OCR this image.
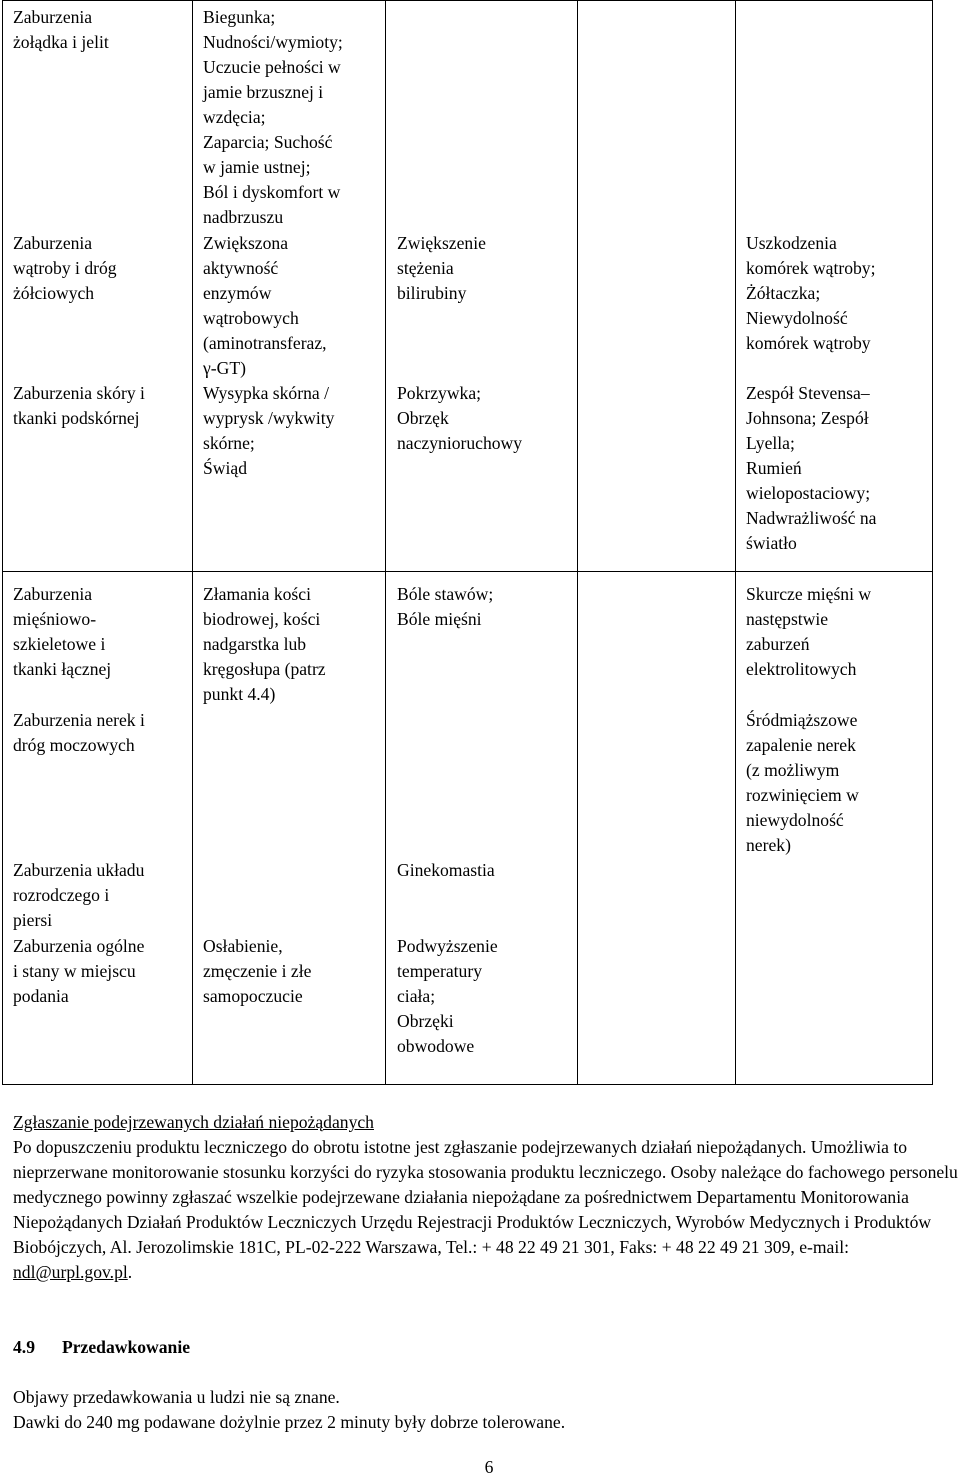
Zaburzenia
żołądka i jelit
Biegunka;
Nudności/wymioty;
Uczucie pełności w
jamie brzusznej i
wzdęcia;
Zaparcia; Suchość
w jamie ustnej;
Ból i dyskomfort w
nadbrzuszu
Zaburzenia
wątroby i dróg
żółciowych
Zwiększona
aktywność
enzymów
wątrobowych
(aminotransferaz,
γ-GT)
Zwiększenie
stężenia
bilirubiny
Uszkodzenia
komórek wątroby;
Żółtaczka;
Niewydolność
komórek wątroby
Zaburzenia skóry i
tkanki podskórnej
Wysypka skórna /
wyprysk /wykwity
skórne;
Świąd
Pokrzywka;
Obrzęk
naczynioruchowy
Zespół Stevensa–
Johnsona; Zespół
Lyella;
Rumień
wielopostaciowy;
Nadwrażliwość na
światło
Zaburzenia
mięśniowo-
szkieletowe i
tkanki łącznej
Złamania kości
biodrowej, kości
nadgarstka lub
kręgosłupa (patrz
punkt 4.4)
Bóle stawów;
Bóle mięśni
Skurcze mięśni w
następstwie
zaburzeń
elektrolitowych
Zaburzenia nerek i
dróg moczowych
Śródmiąższowe
zapalenie nerek
(z możliwym
rozwinięciem w
niewydolność
nerek)
Zaburzenia układu
rozrodczego i
piersi
Ginekomastia
Zaburzenia ogólne
i stany w miejscu
podania
Osłabienie,
zmęczenie i złe
samopoczucie
Podwyższenie
temperatury
ciała;
Obrzęki
obwodowe
Zgłaszanie podejrzewanych działań niepożądanych
Po dopuszczeniu produktu leczniczego do obrotu istotne jest zgłaszanie podejrzewanych działań niepożądanych. Umożliwia to nieprzerwane monitorowanie stosunku korzyści do ryzyka stosowania produktu leczniczego. Osoby należące do fachowego personelu medycznego powinny zgłaszać wszelkie podejrzewane działania niepożądane za pośrednictwem Departamentu Monitorowania Niepożądanych Działań Produktów Leczniczych Urzędu Rejestracji Produktów Leczniczych, Wyrobów Medycznych i Produktów Biobójczych, Al. Jerozolimskie 181C, PL-02-222 Warszawa, Tel.: + 48 22 49 21 301, Faks: + 48 22 49 21 309, e-mail: ndl@urpl.gov.pl.
4.9 Przedawkowanie
Objawy przedawkowania u ludzi nie są znane.
Dawki do 240 mg podawane dożylnie przez 2 minuty były dobrze tolerowane.
6
